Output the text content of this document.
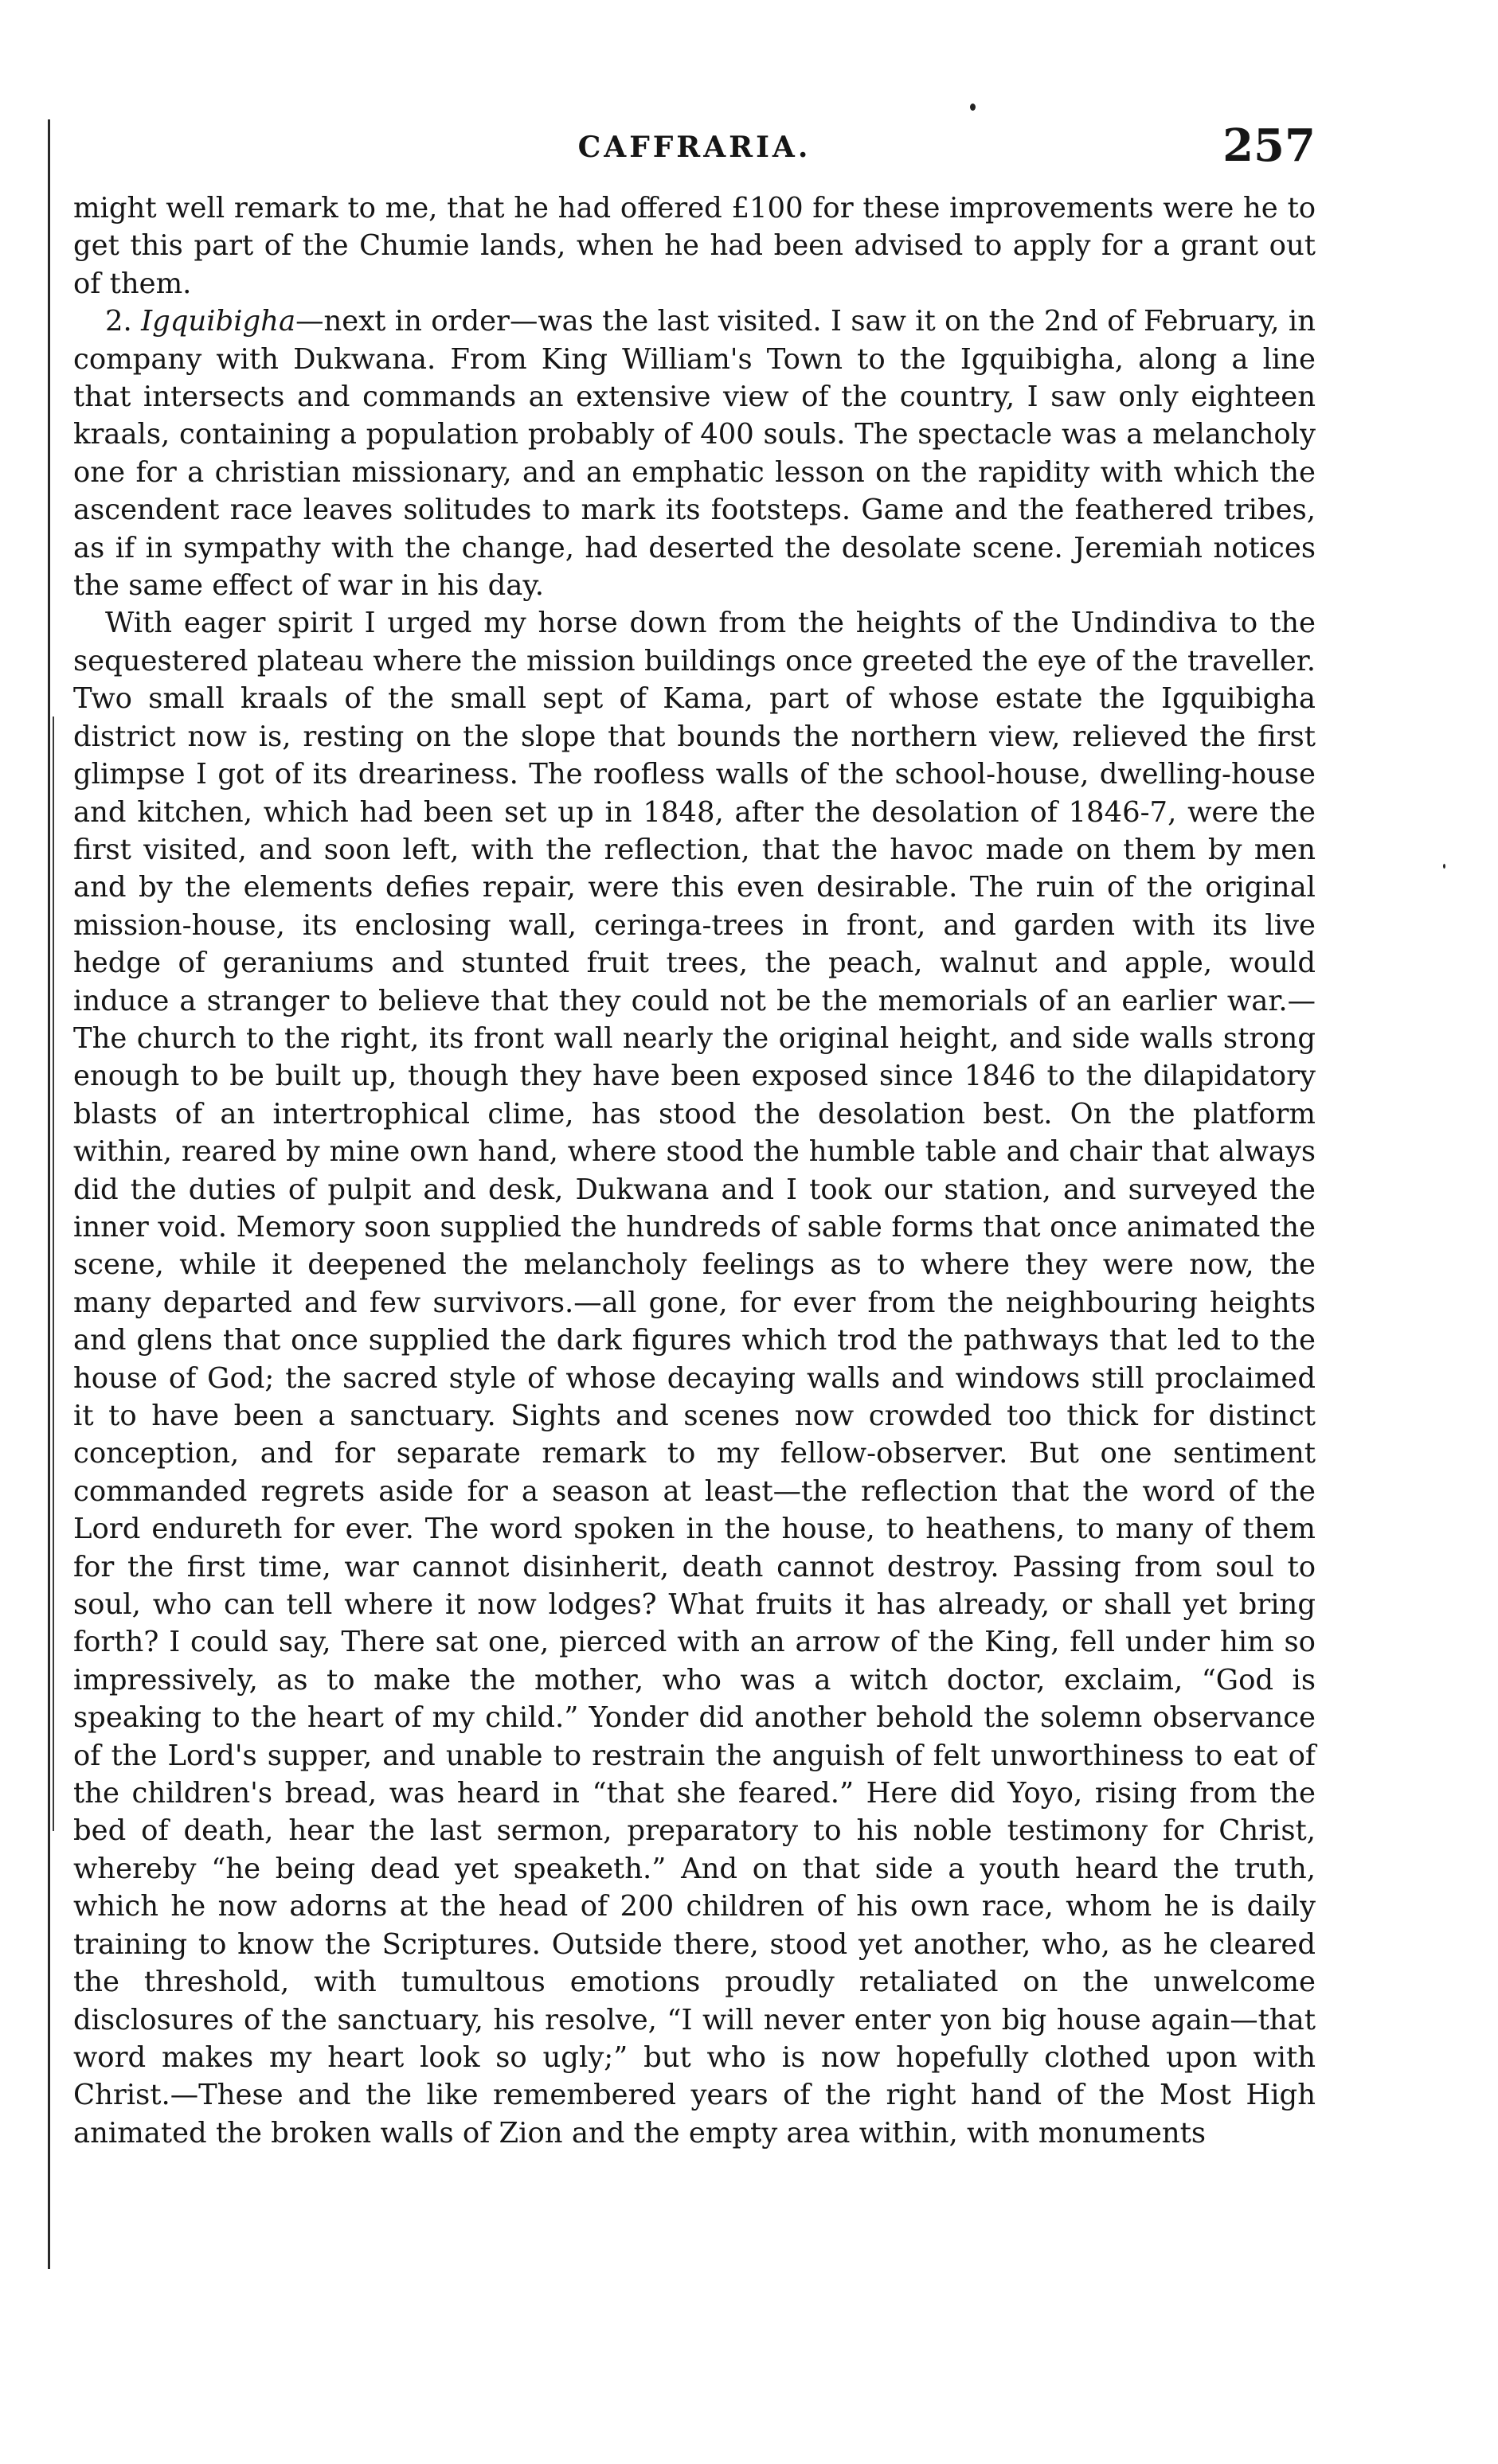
CAFFRARIA.	257

might well remark to me, that he had offered £100 for these improvements were he to get this part of the Chumie lands, when he had been advised to apply for a grant out of them.

2. Igquibigha—next in order—was the last visited. I saw it on the 2nd of February, in company with Dukwana. From King William's Town to the Igquibigha, along a line that intersects and commands an extensive view of the country, I saw only eighteen kraals, containing a population probably of 400 souls. The spectacle was a melancholy one for a christian missionary, and an emphatic lesson on the rapidity with which the ascendent race leaves solitudes to mark its footsteps. Game and the feathered tribes, as if in sympathy with the change, had deserted the desolate scene. Jeremiah notices the same effect of war in his day.

With eager spirit I urged my horse down from the heights of the Undindiva to the sequestered plateau where the mission buildings once greeted the eye of the traveller. Two small kraals of the small sept of Kama, part of whose estate the Igquibigha district now is, resting on the slope that bounds the northern view, relieved the first glimpse I got of its dreariness. The roofless walls of the school-house, dwelling-house and kitchen, which had been set up in 1848, after the desolation of 1846-7, were the first visited, and soon left, with the reflection, that the havoc made on them by men and by the elements defies repair, were this even desirable. The ruin of the original mission-house, its enclosing wall, ceringa-trees in front, and garden with its live hedge of geraniums and stunted fruit trees, the peach, walnut and apple, would induce a stranger to believe that they could not be the memorials of an earlier war.—The church to the right, its front wall nearly the original height, and side walls strong enough to be built up, though they have been exposed since 1846 to the dilapidatory blasts of an intertrophical clime, has stood the desolation best. On the platform within, reared by mine own hand, where stood the humble table and chair that always did the duties of pulpit and desk, Dukwana and I took our station, and surveyed the inner void. Memory soon supplied the hundreds of sable forms that once animated the scene, while it deepened the melancholy feelings as to where they were now, the many departed and few survivors.—all gone, for ever from the neighbouring heights and glens that once supplied the dark figures which trod the pathways that led to the house of God; the sacred style of whose decaying walls and windows still proclaimed it to have been a sanctuary. Sights and scenes now crowded too thick for distinct conception, and for separate remark to my fellow-observer. But one sentiment commanded regrets aside for a season at least—the reflection that the word of the Lord endureth for ever. The word spoken in the house, to heathens, to many of them for the first time, war cannot disinherit, death cannot destroy. Passing from soul to soul, who can tell where it now lodges? What fruits it has already, or shall yet bring forth? I could say, There sat one, pierced with an arrow of the King, fell under him so impressively, as to make the mother, who was a witch doctor, exclaim, “God is speaking to the heart of my child.” Yonder did another behold the solemn observance of the Lord's supper, and unable to restrain the anguish of felt unworthiness to eat of the children's bread, was heard in “that she feared.” Here did Yoyo, rising from the bed of death, hear the last sermon, preparatory to his noble testimony for Christ, whereby “he being dead yet speaketh.” And on that side a youth heard the truth, which he now adorns at the head of 200 children of his own race, whom he is daily training to know the Scriptures. Outside there, stood yet another, who, as he cleared the threshold, with tumultous emotions proudly retaliated on the unwelcome disclosures of the sanctuary, his resolve, “I will never enter yon big house again—that word makes my heart look so ugly;” but who is now hopefully clothed upon with Christ.—These and the like remembered years of the right hand of the Most High animated the broken walls of Zion and the empty area within, with monuments
